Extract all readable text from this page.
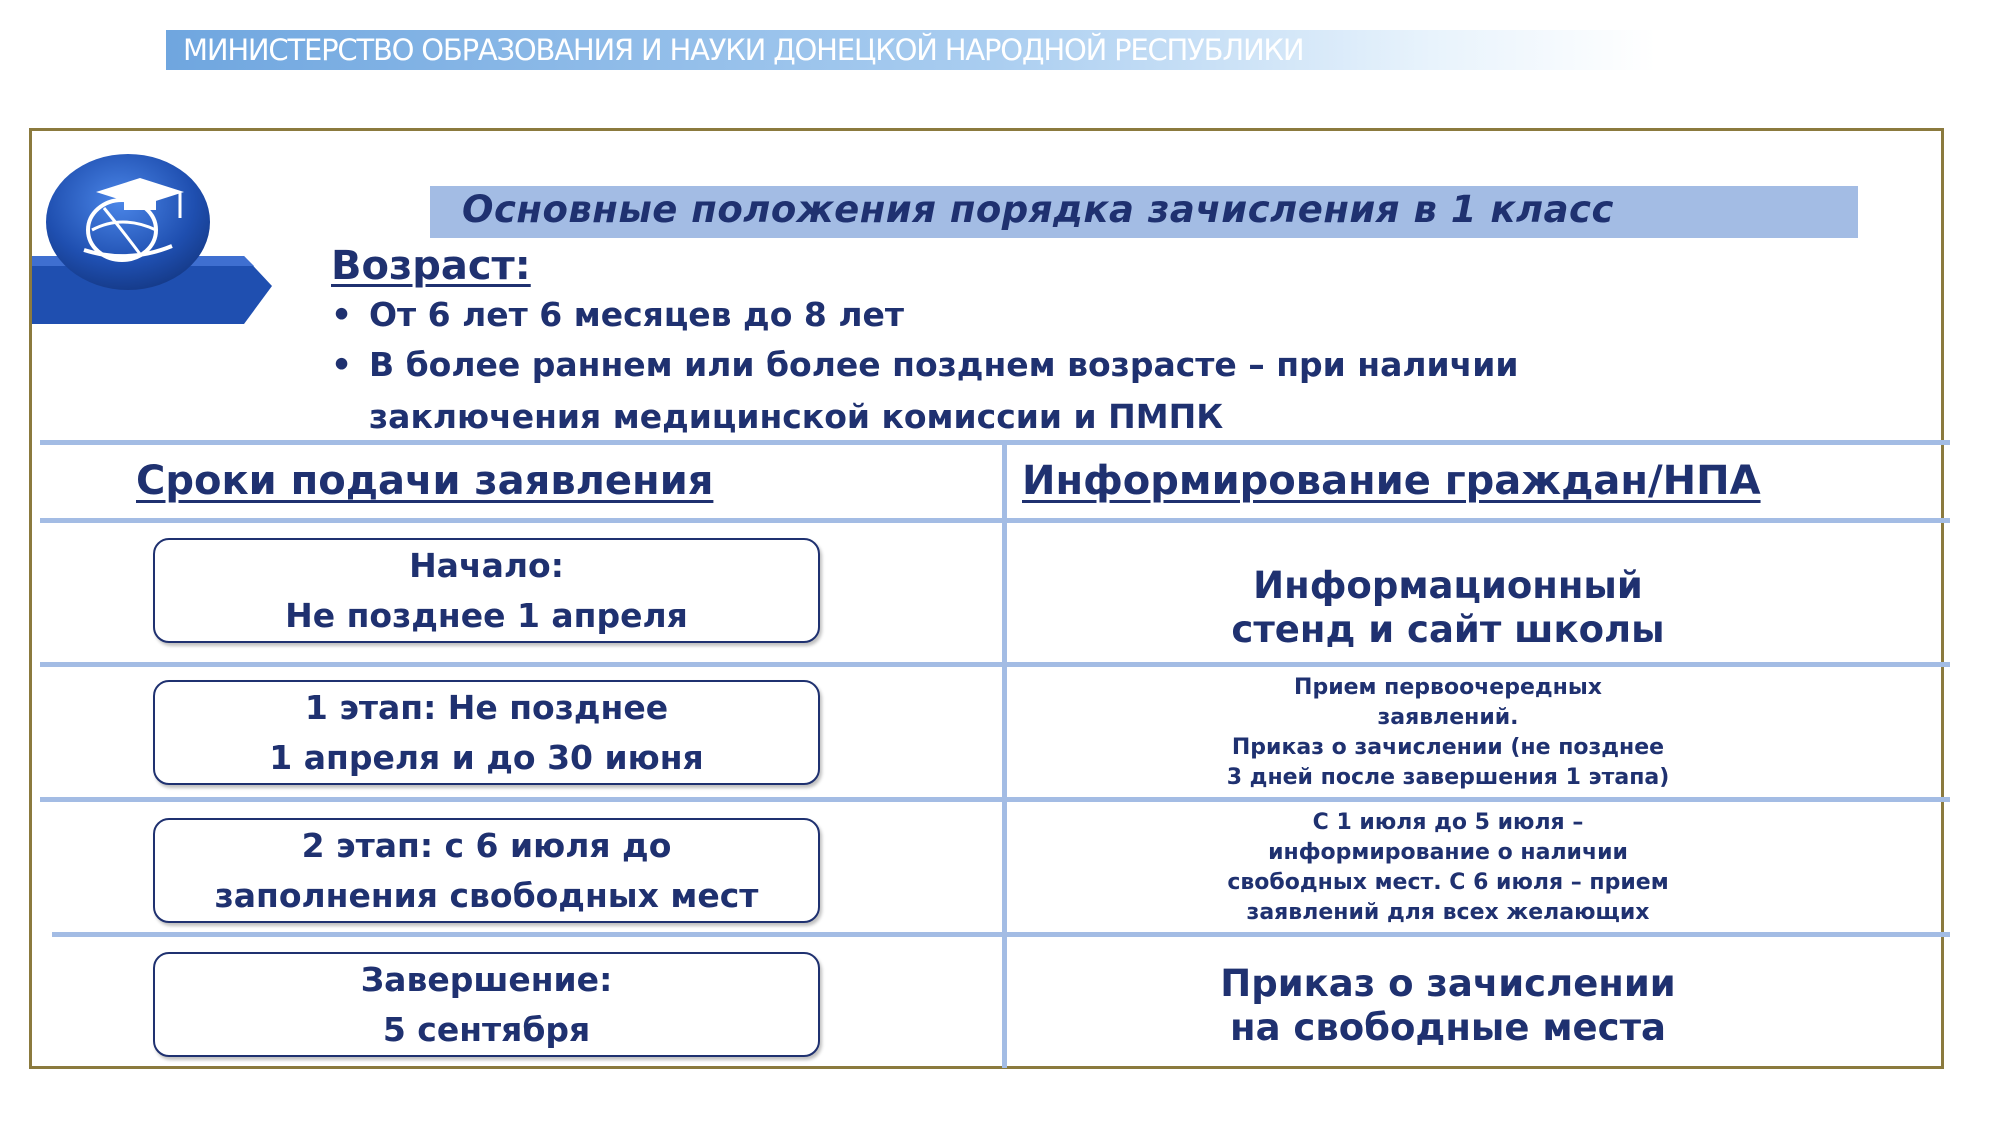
МИНИСТЕРСТВО ОБРАЗОВАНИЯ И НАУКИ ДОНЕЦКОЙ НАРОДНОЙ РЕСПУБЛИКИ
Основные положения порядка зачисления в 1 класс
Возраст:
• От 6 лет 6 месяцев до 8 лет
• В более раннем или более позднем возрасте – при наличии
заключения медицинской комиссии и ПМПК
Сроки подачи заявления	Информирование граждан/НПА
Начало:
Не позднее 1 апреля
Информационный
стенд и сайт школы
1 этап: Не позднее
1 апреля и до 30 июня
Прием первоочередных
заявлений.
Приказ о зачислении (не позднее
3 дней после завершения 1 этапа)
2 этап: с 6 июля до
заполнения свободных мест
С 1 июля до 5 июля –
информирование о наличии
свободных мест. С 6 июля – прием
заявлений для всех желающих
Завершение:
5 сентября
Приказ о зачислении
на свободные места
